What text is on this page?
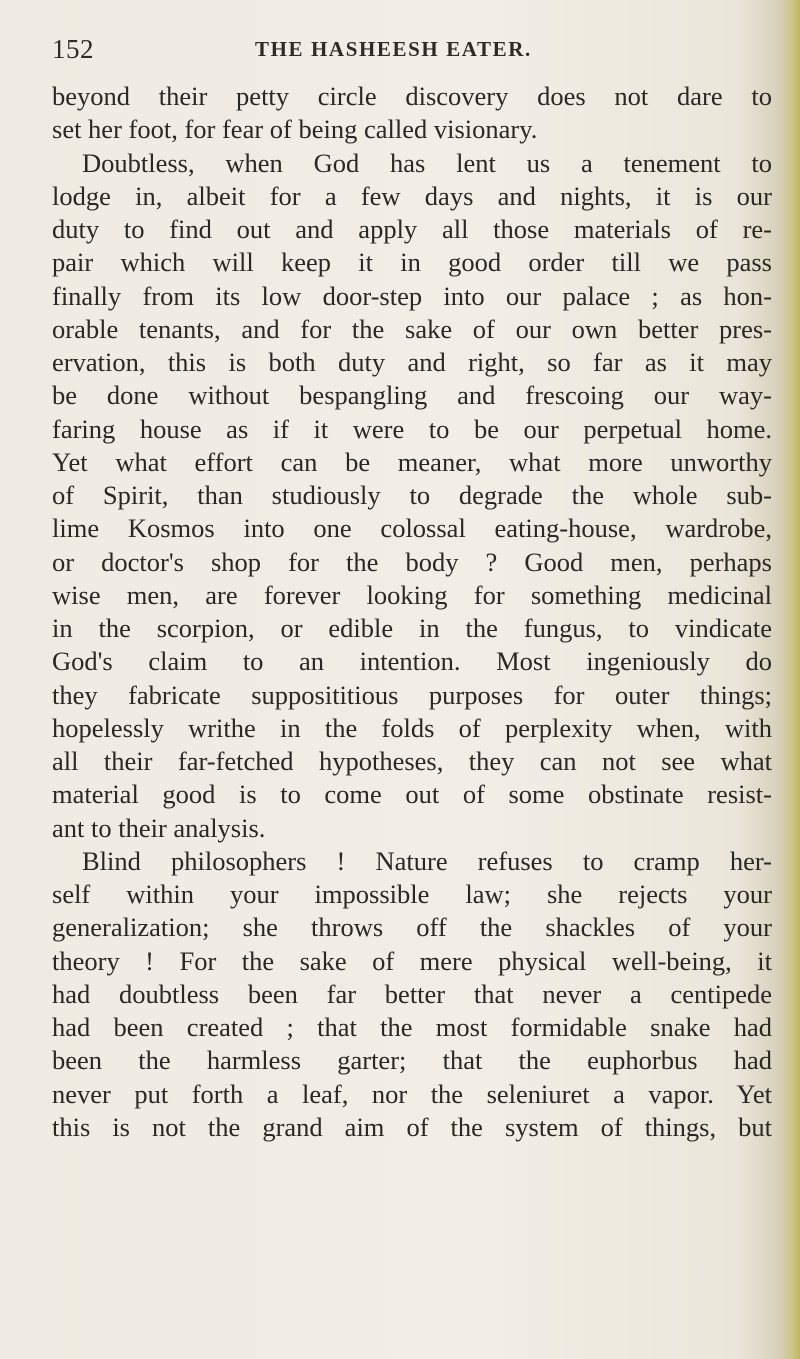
152	THE HASHEESH EATER.
beyond their petty circle discovery does not dare to
set her foot, for fear of being called visionary.
Doubtless, when God has lent us a tenement to
lodge in, albeit for a few days and nights, it is our
duty to find out and apply all those materials of re-
pair which will keep it in good order till we pass
finally from its low door-step into our palace ; as hon-
orable tenants, and for the sake of our own better pres-
ervation, this is both duty and right, so far as it may
be done without bespangling and frescoing our way-
faring house as if it were to be our perpetual home.
Yet what effort can be meaner, what more unworthy
of Spirit, than studiously to degrade the whole sub-
lime Kosmos into one colossal eating-house, wardrobe,
or doctor's shop for the body ? Good men, perhaps
wise men, are forever looking for something medicinal
in the scorpion, or edible in the fungus, to vindicate
God's claim to an intention. Most ingeniously do
they fabricate supposititious purposes for outer things;
hopelessly writhe in the folds of perplexity when, with
all their far-fetched hypotheses, they can not see what
material good is to come out of some obstinate resist-
ant to their analysis.
Blind philosophers ! Nature refuses to cramp her-
self within your impossible law; she rejects your
generalization; she throws off the shackles of your
theory ! For the sake of mere physical well-being, it
had doubtless been far better that never a centipede
had been created ; that the most formidable snake had
been the harmless garter; that the euphorbus had
never put forth a leaf, nor the seleniuret a vapor. Yet
this is not the grand aim of the system of things, but
